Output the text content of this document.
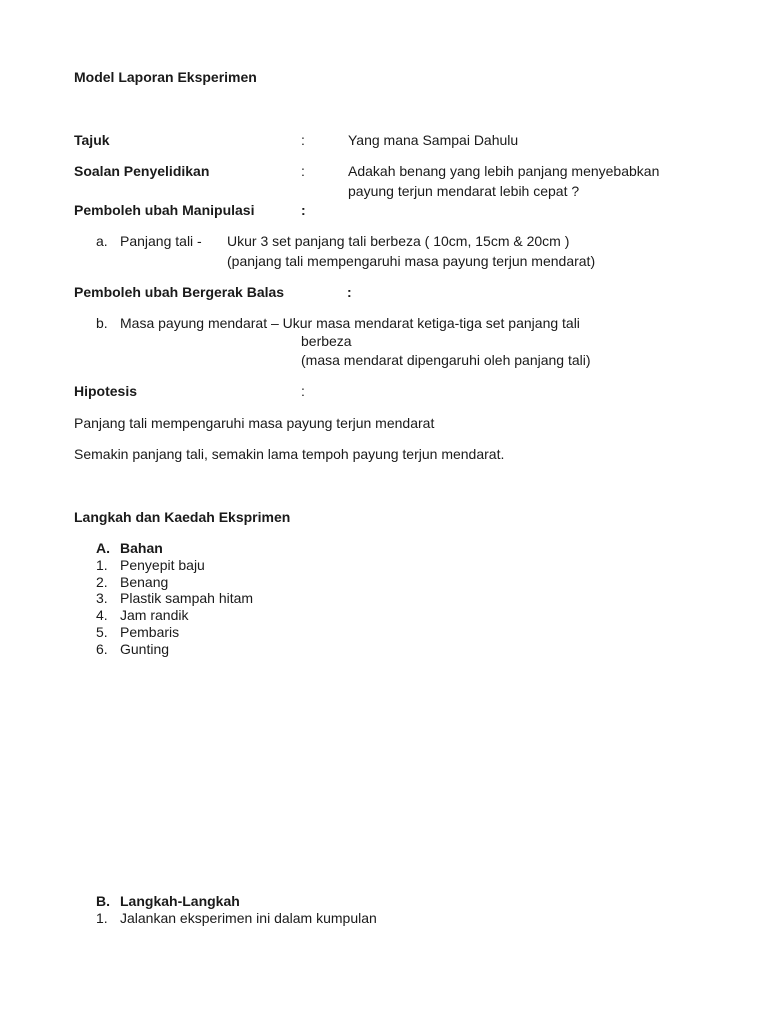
Model Laporan Eksperimen
Tajuk	:	Yang mana Sampai Dahulu
Soalan Penyelidikan	:	Adakah benang yang lebih panjang menyebabkan
payung terjun mendarat lebih cepat ?
Pemboleh ubah Manipulasi	:
a. Panjang tali - Ukur 3 set panjang tali berbeza ( 10cm, 15cm & 20cm )
(panjang tali mempengaruhi masa payung terjun mendarat)
Pemboleh ubah Bergerak Balas	:
b. Masa payung mendarat – Ukur masa mendarat ketiga-tiga set panjang tali
berbeza
(masa mendarat dipengaruhi oleh panjang tali)
Hipotesis	:
Panjang tali mempengaruhi masa payung terjun mendarat
Semakin panjang tali, semakin lama tempoh payung terjun mendarat.
Langkah dan Kaedah Eksprimen
A. Bahan
1. Penyepit baju
2. Benang
3. Plastik sampah hitam
4. Jam randik
5. Pembaris
6. Gunting
B. Langkah-Langkah
1. Jalankan eksperimen ini dalam kumpulan
